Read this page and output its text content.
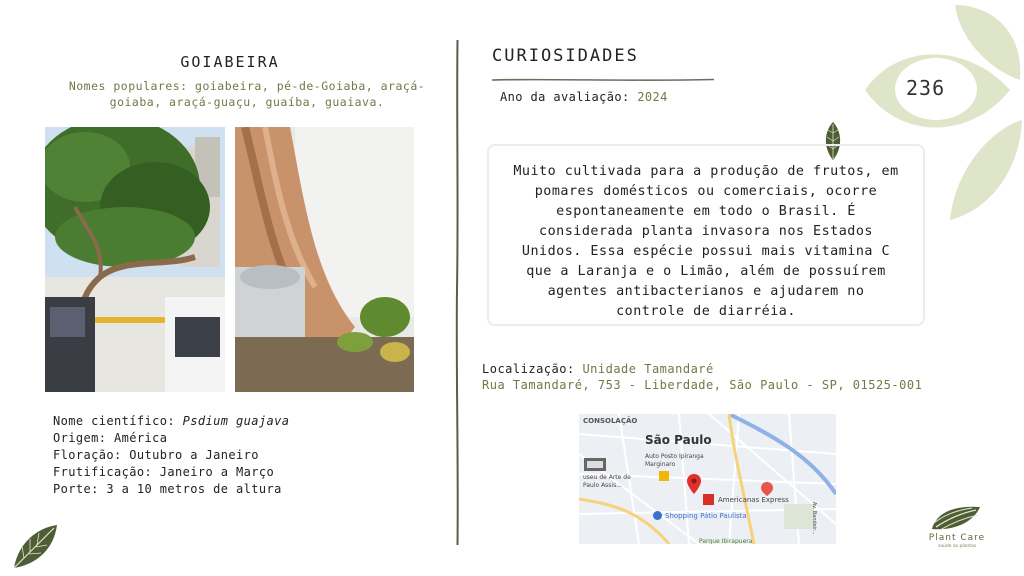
GOIABEIRA
Nomes populares: goiabeira, pé-de-Goiaba, araçá-goiaba, araçá-guaçu, guaíba, guaiava.
Nome científico: Psdium guajava
Origem: América
Floração: Outubro a Janeiro
Frutificação: Janeiro a Março
Porte: 3 a 10 metros de altura
CURIOSIDADES
Ano da avaliação: 2024
Muito cultivada para a produção de frutos, em pomares domésticos ou comerciais, ocorre espontaneamente em todo o Brasil. É considerada planta invasora nos Estados Unidos. Essa espécie possui mais vitamina C que a Laranja e o Limão, além de possuírem agentes antibacterianos e ajudarem no controle de diarréia.
Localização: Unidade Tamandaré
Rua Tamandaré, 753 - Liberdade, São Paulo - SP, 01525-001
CONSOLAÇÃO
São Paulo
Auto Posto Ipiranga Marginaro
useu de Arte de Paulo Assis...
Americanas Express
Shopping Pátio Paulista
Parque Ibirapuera
Av. Bandeir...
236
Plant Care
saúde às plantas
